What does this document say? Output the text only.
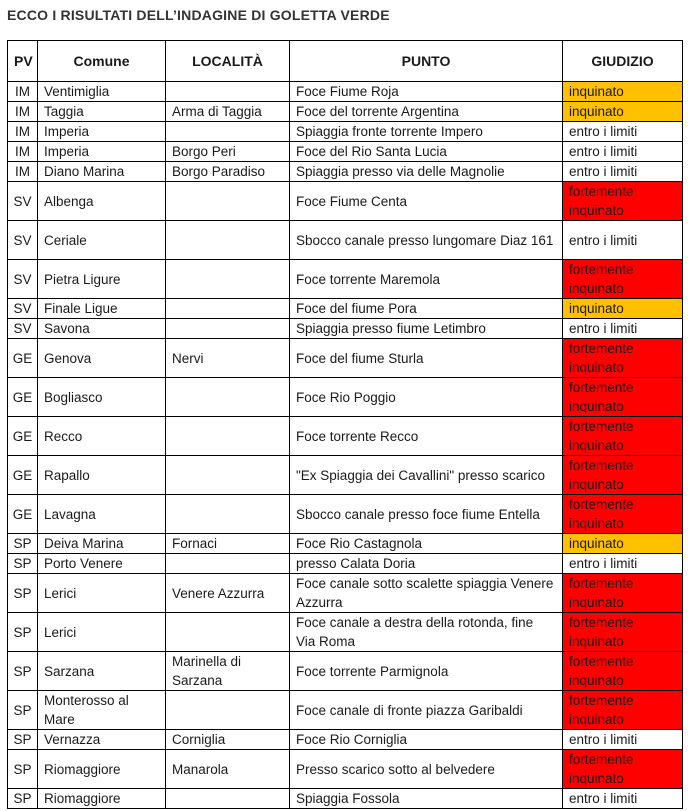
ECCO I RISULTATI DELL’INDAGINE DI GOLETTA VERDE
PV	Comune	LOCALITÀ	PUNTO	GIUDIZIO
IM	Ventimiglia		Foce Fiume Roja	inquinato
IM	Taggia	Arma di Taggia	Foce del torrente Argentina	inquinato
IM	Imperia		Spiaggia fronte torrente Impero	entro i limiti
IM	Imperia	Borgo Peri	Foce del Rio Santa Lucia	entro i limiti
IM	Diano Marina	Borgo Paradiso	Spiaggia presso via delle Magnolie	entro i limiti
SV	Albenga		Foce Fiume Centa	fortemente inquinato
SV	Ceriale		Sbocco canale presso lungomare Diaz 161	entro i limiti
SV	Pietra Ligure		Foce torrente Maremola	fortemente inquinato
SV	Finale Ligue		Foce del fiume Pora	inquinato
SV	Savona		Spiaggia presso fiume Letimbro	entro i limiti
GE	Genova	Nervi	Foce del fiume Sturla	fortemente inquinato
GE	Bogliasco		Foce Rio Poggio	fortemente inquinato
GE	Recco		Foce torrente Recco	fortemente inquinato
GE	Rapallo		"Ex Spiaggia dei Cavallini" presso scarico	fortemente inquinato
GE	Lavagna		Sbocco canale presso foce fiume Entella	fortemente inquinato
SP	Deiva Marina	Fornaci	Foce Rio Castagnola	inquinato
SP	Porto Venere		presso Calata Doria	entro i limiti
SP	Lerici	Venere Azzurra	Foce canale sotto scalette spiaggia Venere Azzurra	fortemente inquinato
SP	Lerici		Foce canale a destra della rotonda, fine Via Roma	fortemente inquinato
SP	Sarzana	Marinella di Sarzana	Foce torrente Parmignola	fortemente inquinato
SP	Monterosso al Mare		Foce canale di fronte piazza Garibaldi	fortemente inquinato
SP	Vernazza	Corniglia	Foce Rio Corniglia	entro i limiti
SP	Riomaggiore	Manarola	Presso scarico sotto al belvedere	fortemente inquinato
SP	Riomaggiore		Spiaggia Fossola	entro i limiti
